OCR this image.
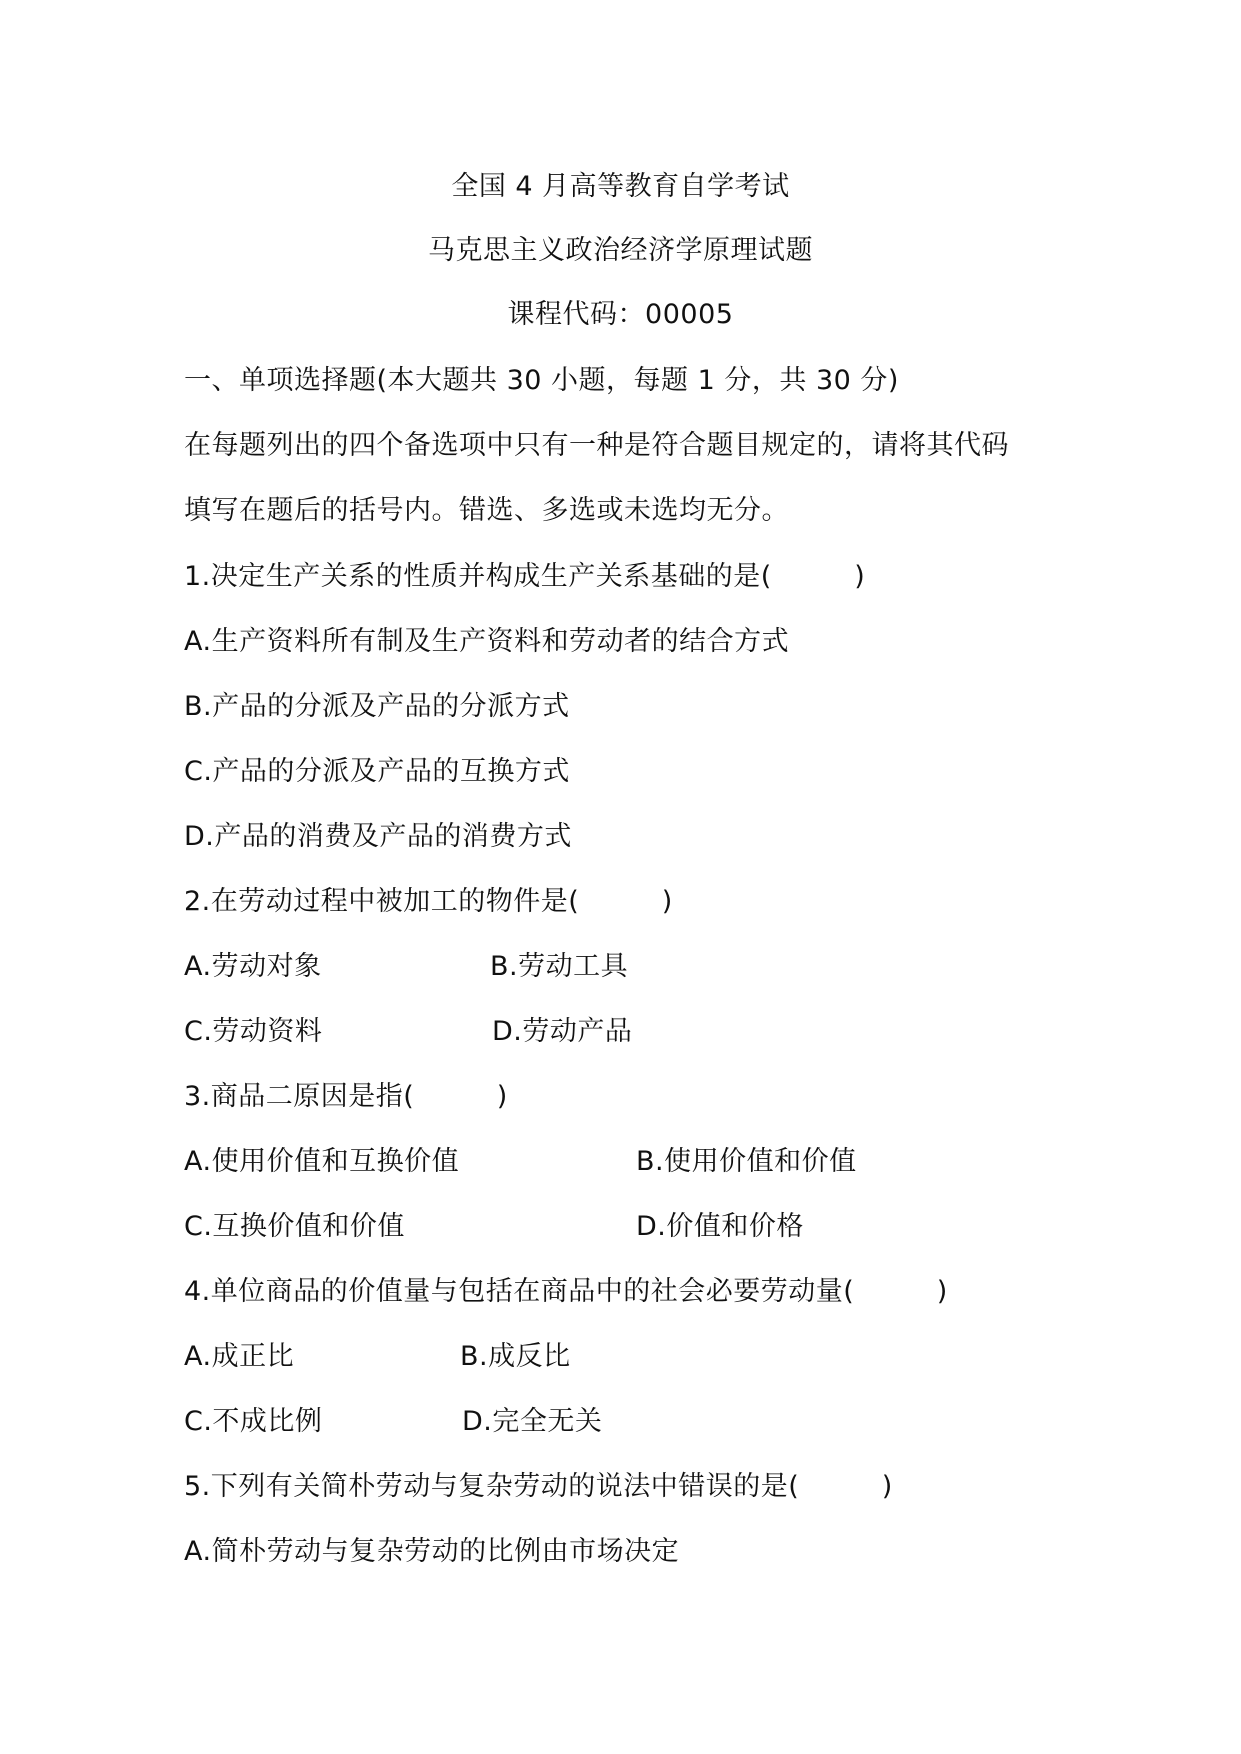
全国 4 月高等教育自学考试
马克思主义政治经济学原理试题
课程代码：00005
一、单项选择题(本大题共 30 小题，每题 1 分，共 30 分)
在每题列出的四个备选项中只有一种是符合题目规定的，请将其代码
填写在题后的括号内。错选、多选或未选均无分。
1.决定生产关系的性质并构成生产关系基础的是(　　　)
A.生产资料所有制及生产资料和劳动者的结合方式
B.产品的分派及产品的分派方式
C.产品的分派及产品的互换方式
D.产品的消费及产品的消费方式
2.在劳动过程中被加工的物件是(　　　)
A.劳动对象	B.劳动工具
C.劳动资料	D.劳动产品
3.商品二原因是指(　　　)
A.使用价值和互换价值	B.使用价值和价值
C.互换价值和价值	D.价值和价格
4.单位商品的价值量与包括在商品中的社会必要劳动量(　　　)
A.成正比	B.成反比
C.不成比例	D.完全无关
5.下列有关简朴劳动与复杂劳动的说法中错误的是(　　　)
A.简朴劳动与复杂劳动的比例由市场决定
